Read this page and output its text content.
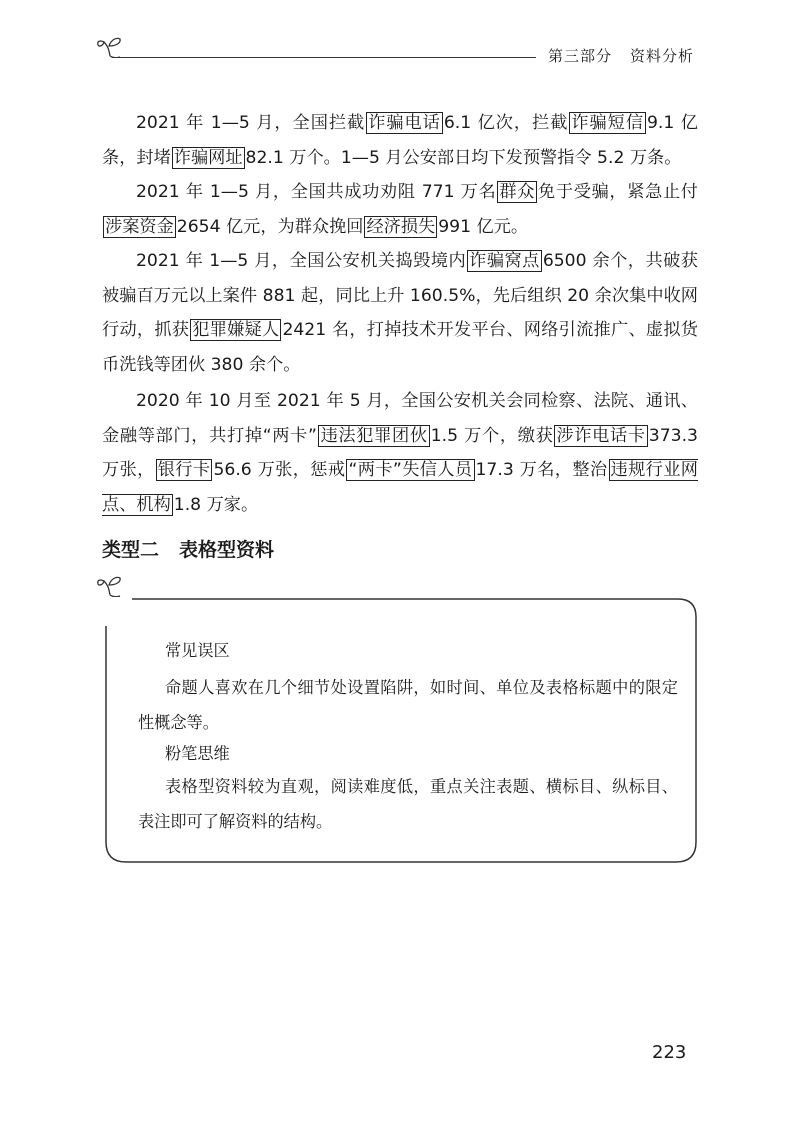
第三部分 资料分析

2021 年 1—5 月，全国拦截 诈骗电话 6.1 亿次，拦截 诈骗短信 9.1 亿条，封堵 诈骗网址 82.1 万个。1—5 月公安部日均下发预警指令 5.2 万条。

2021 年 1—5 月，全国共成功劝阻 771 万名 群众 免于受骗，紧急止付涉案资金 2654 亿元，为群众挽回 经济损失 991 亿元。

2021 年 1—5 月，全国公安机关捣毁境内 诈骗窝点 6500 余个，共破获被骗百万元以上案件 881 起，同比上升 160.5%，先后组织 20 余次集中收网行动，抓获 犯罪嫌疑人 2421 名，打掉技术开发平台、网络引流推广、虚拟货币洗钱等团伙 380 余个。

2020 年 10 月至 2021 年 5 月，全国公安机关会同检察、法院、通讯、金融等部门，共打掉“两卡” 违法犯罪团伙 1.5 万个，缴获 涉诈电话卡 373.3 万张， 银行卡 56.6 万张，惩戒 “两卡”失信人员 17.3 万名，整治 违规行业网点、机构 1.8 万家。

类型二 表格型资料

常见误区

命题人喜欢在几个细节处设置陷阱，如时间、单位及表格标题中的限定性概念等。

粉笔思维

表格型资料较为直观，阅读难度低，重点关注表题、横标目、纵标目、表注即可了解资料的结构。

223
